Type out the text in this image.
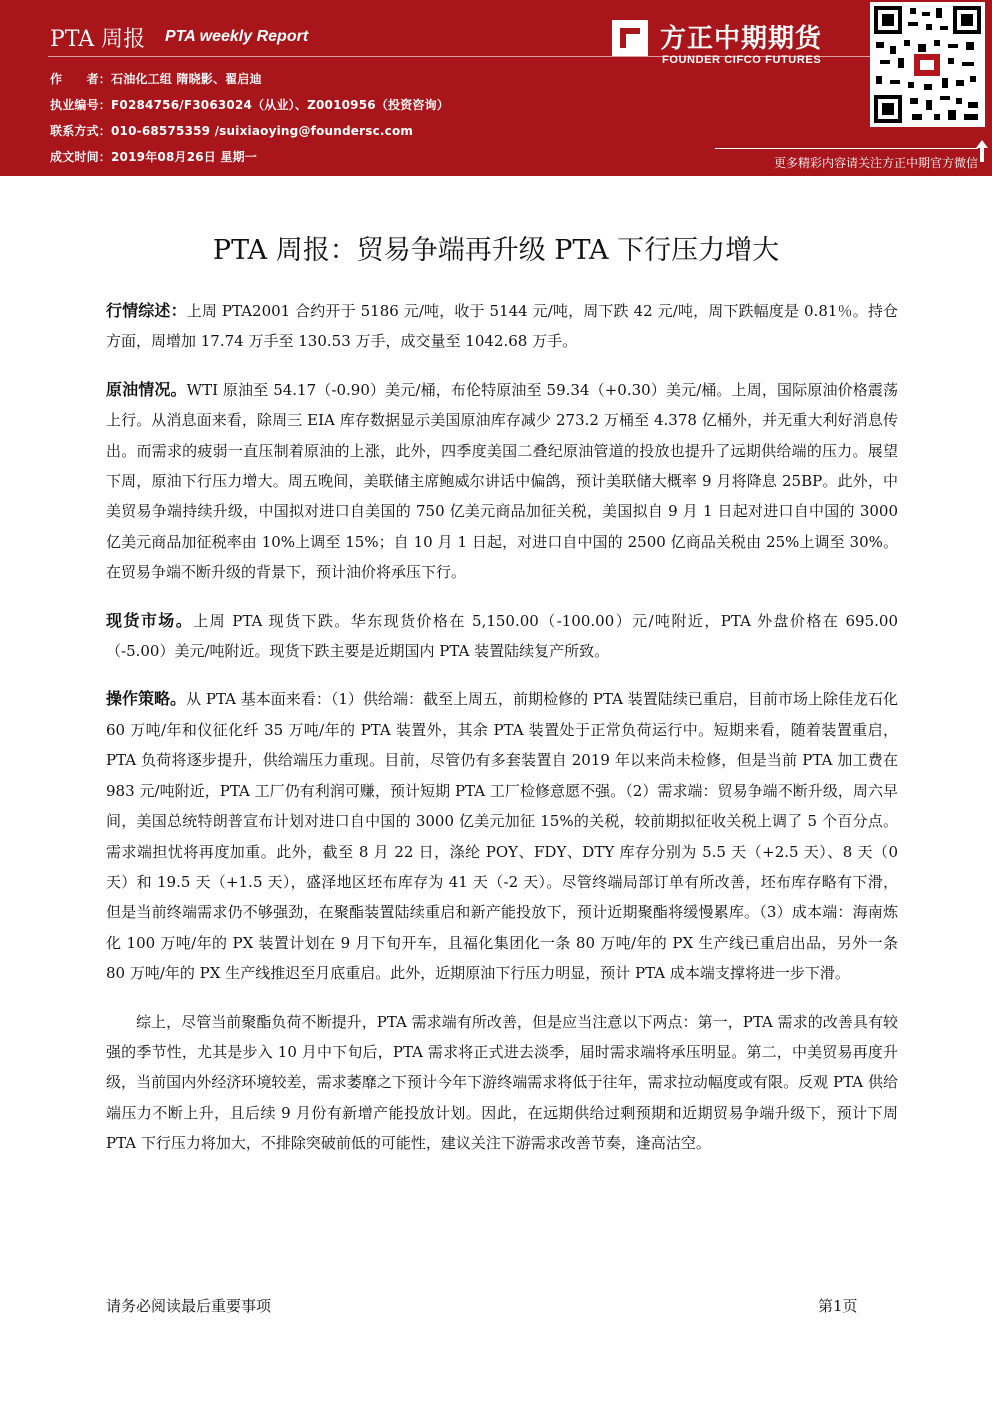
PTA 周报 PTA weekly Report
作　　者：石油化工组 隋晓影、翟启迪
执业编号：F0284756/F3063024（从业）、Z0010956（投资咨询）
联系方式：010-68575359 /suixiaoying@foundersc.com
成文时间：2019年08月26日 星期一
方正中期期货
FOUNDER CIFCO FUTURES
更多精彩内容请关注方正中期官方微信
PTA 周报：贸易争端再升级 PTA 下行压力增大

行情综述：上周 PTA2001 合约开于 5186 元/吨，收于 5144 元/吨，周下跌 42 元/吨，周下跌幅度是 0.81％。持仓方面，周增加 17.74 万手至 130.53 万手，成交量至 1042.68 万手。

原油情况。WTI 原油至 54.17（-0.90）美元/桶，布伦特原油至 59.34（+0.30）美元/桶。上周，国际原油价格震荡上行。从消息面来看，除周三 EIA 库存数据显示美国原油库存减少 273.2 万桶至 4.378 亿桶外，并无重大利好消息传出。而需求的疲弱一直压制着原油的上涨，此外，四季度美国二叠纪原油管道的投放也提升了远期供给端的压力。展望下周，原油下行压力增大。周五晚间，美联储主席鲍威尔讲话中偏鸽，预计美联储大概率 9 月将降息 25BP。此外，中美贸易争端持续升级，中国拟对进口自美国的 750 亿美元商品加征关税，美国拟自 9 月 1 日起对进口自中国的 3000 亿美元商品加征税率由 10%上调至 15%；自 10 月 1 日起，对进口自中国的 2500 亿商品关税由 25%上调至 30%。在贸易争端不断升级的背景下，预计油价将承压下行。

现货市场。上周 PTA 现货下跌。华东现货价格在 5,150.00（-100.00）元/吨附近，PTA 外盘价格在 695.00（-5.00）美元/吨附近。现货下跌主要是近期国内 PTA 装置陆续复产所致。

操作策略。从 PTA 基本面来看：（1）供给端：截至上周五，前期检修的 PTA 装置陆续已重启，目前市场上除佳龙石化 60 万吨/年和仪征化纤 35 万吨/年的 PTA 装置外，其余 PTA 装置处于正常负荷运行中。短期来看，随着装置重启，PTA 负荷将逐步提升，供给端压力重现。目前，尽管仍有多套装置自 2019 年以来尚未检修，但是当前 PTA 加工费在 983 元/吨附近，PTA 工厂仍有利润可赚，预计短期 PTA 工厂检修意愿不强。（2）需求端：贸易争端不断升级，周六早间，美国总统特朗普宣布计划对进口自中国的 3000 亿美元加征 15%的关税，较前期拟征收关税上调了 5 个百分点。需求端担忧将再度加重。此外，截至 8 月 22 日，涤纶 POY、FDY、DTY 库存分别为 5.5 天（+2.5 天）、8 天（0 天）和 19.5 天（+1.5 天），盛泽地区坯布库存为 41 天（-2 天）。尽管终端局部订单有所改善，坯布库存略有下滑，但是当前终端需求仍不够强劲，在聚酯装置陆续重启和新产能投放下，预计近期聚酯将缓慢累库。（3）成本端：海南炼化 100 万吨/年的 PX 装置计划在 9 月下旬开车，且福化集团化一条 80 万吨/年的 PX 生产线已重启出品，另外一条 80 万吨/年的 PX 生产线推迟至月底重启。此外，近期原油下行压力明显，预计 PTA 成本端支撑将进一步下滑。

综上，尽管当前聚酯负荷不断提升，PTA 需求端有所改善，但是应当注意以下两点：第一，PTA 需求的改善具有较强的季节性，尤其是步入 10 月中下旬后，PTA 需求将正式进去淡季，届时需求端将承压明显。第二，中美贸易再度升级，当前国内外经济环境较差，需求萎靡之下预计今年下游终端需求将低于往年，需求拉动幅度或有限。反观 PTA 供给端压力不断上升，且后续 9 月份有新增产能投放计划。因此，在远期供给过剩预期和近期贸易争端升级下，预计下周 PTA 下行压力将加大，不排除突破前低的可能性，建议关注下游需求改善节奏，逢高沽空。

请务必阅读最后重要事项	第1页
